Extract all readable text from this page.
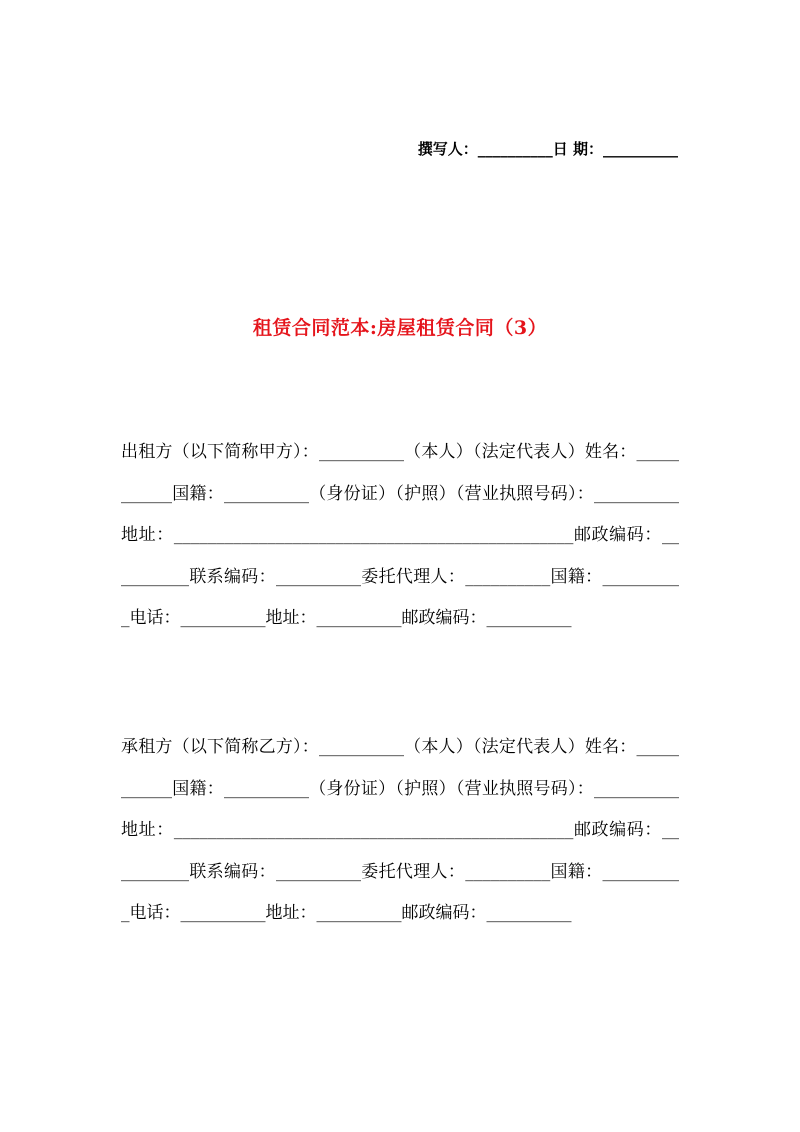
撰写人：__________日 期：__________
租赁合同范本:房屋租赁合同（3）
出租方（以下简称甲方）：__________（本人）（法定代表人）姓名：___________国籍：__________（身份证）（护照）（营业执照号码）：__________地址：_______________________________________________邮政编码：__________联系编码：__________委托代理人：__________国籍：__________电话：__________地址：__________邮政编码：__________
承租方（以下简称乙方）：__________（本人）（法定代表人）姓名：___________国籍：__________（身份证）（护照）（营业执照号码）：__________地址：_______________________________________________邮政编码：__________联系编码：__________委托代理人：__________国籍：__________电话：__________地址：__________邮政编码：__________
